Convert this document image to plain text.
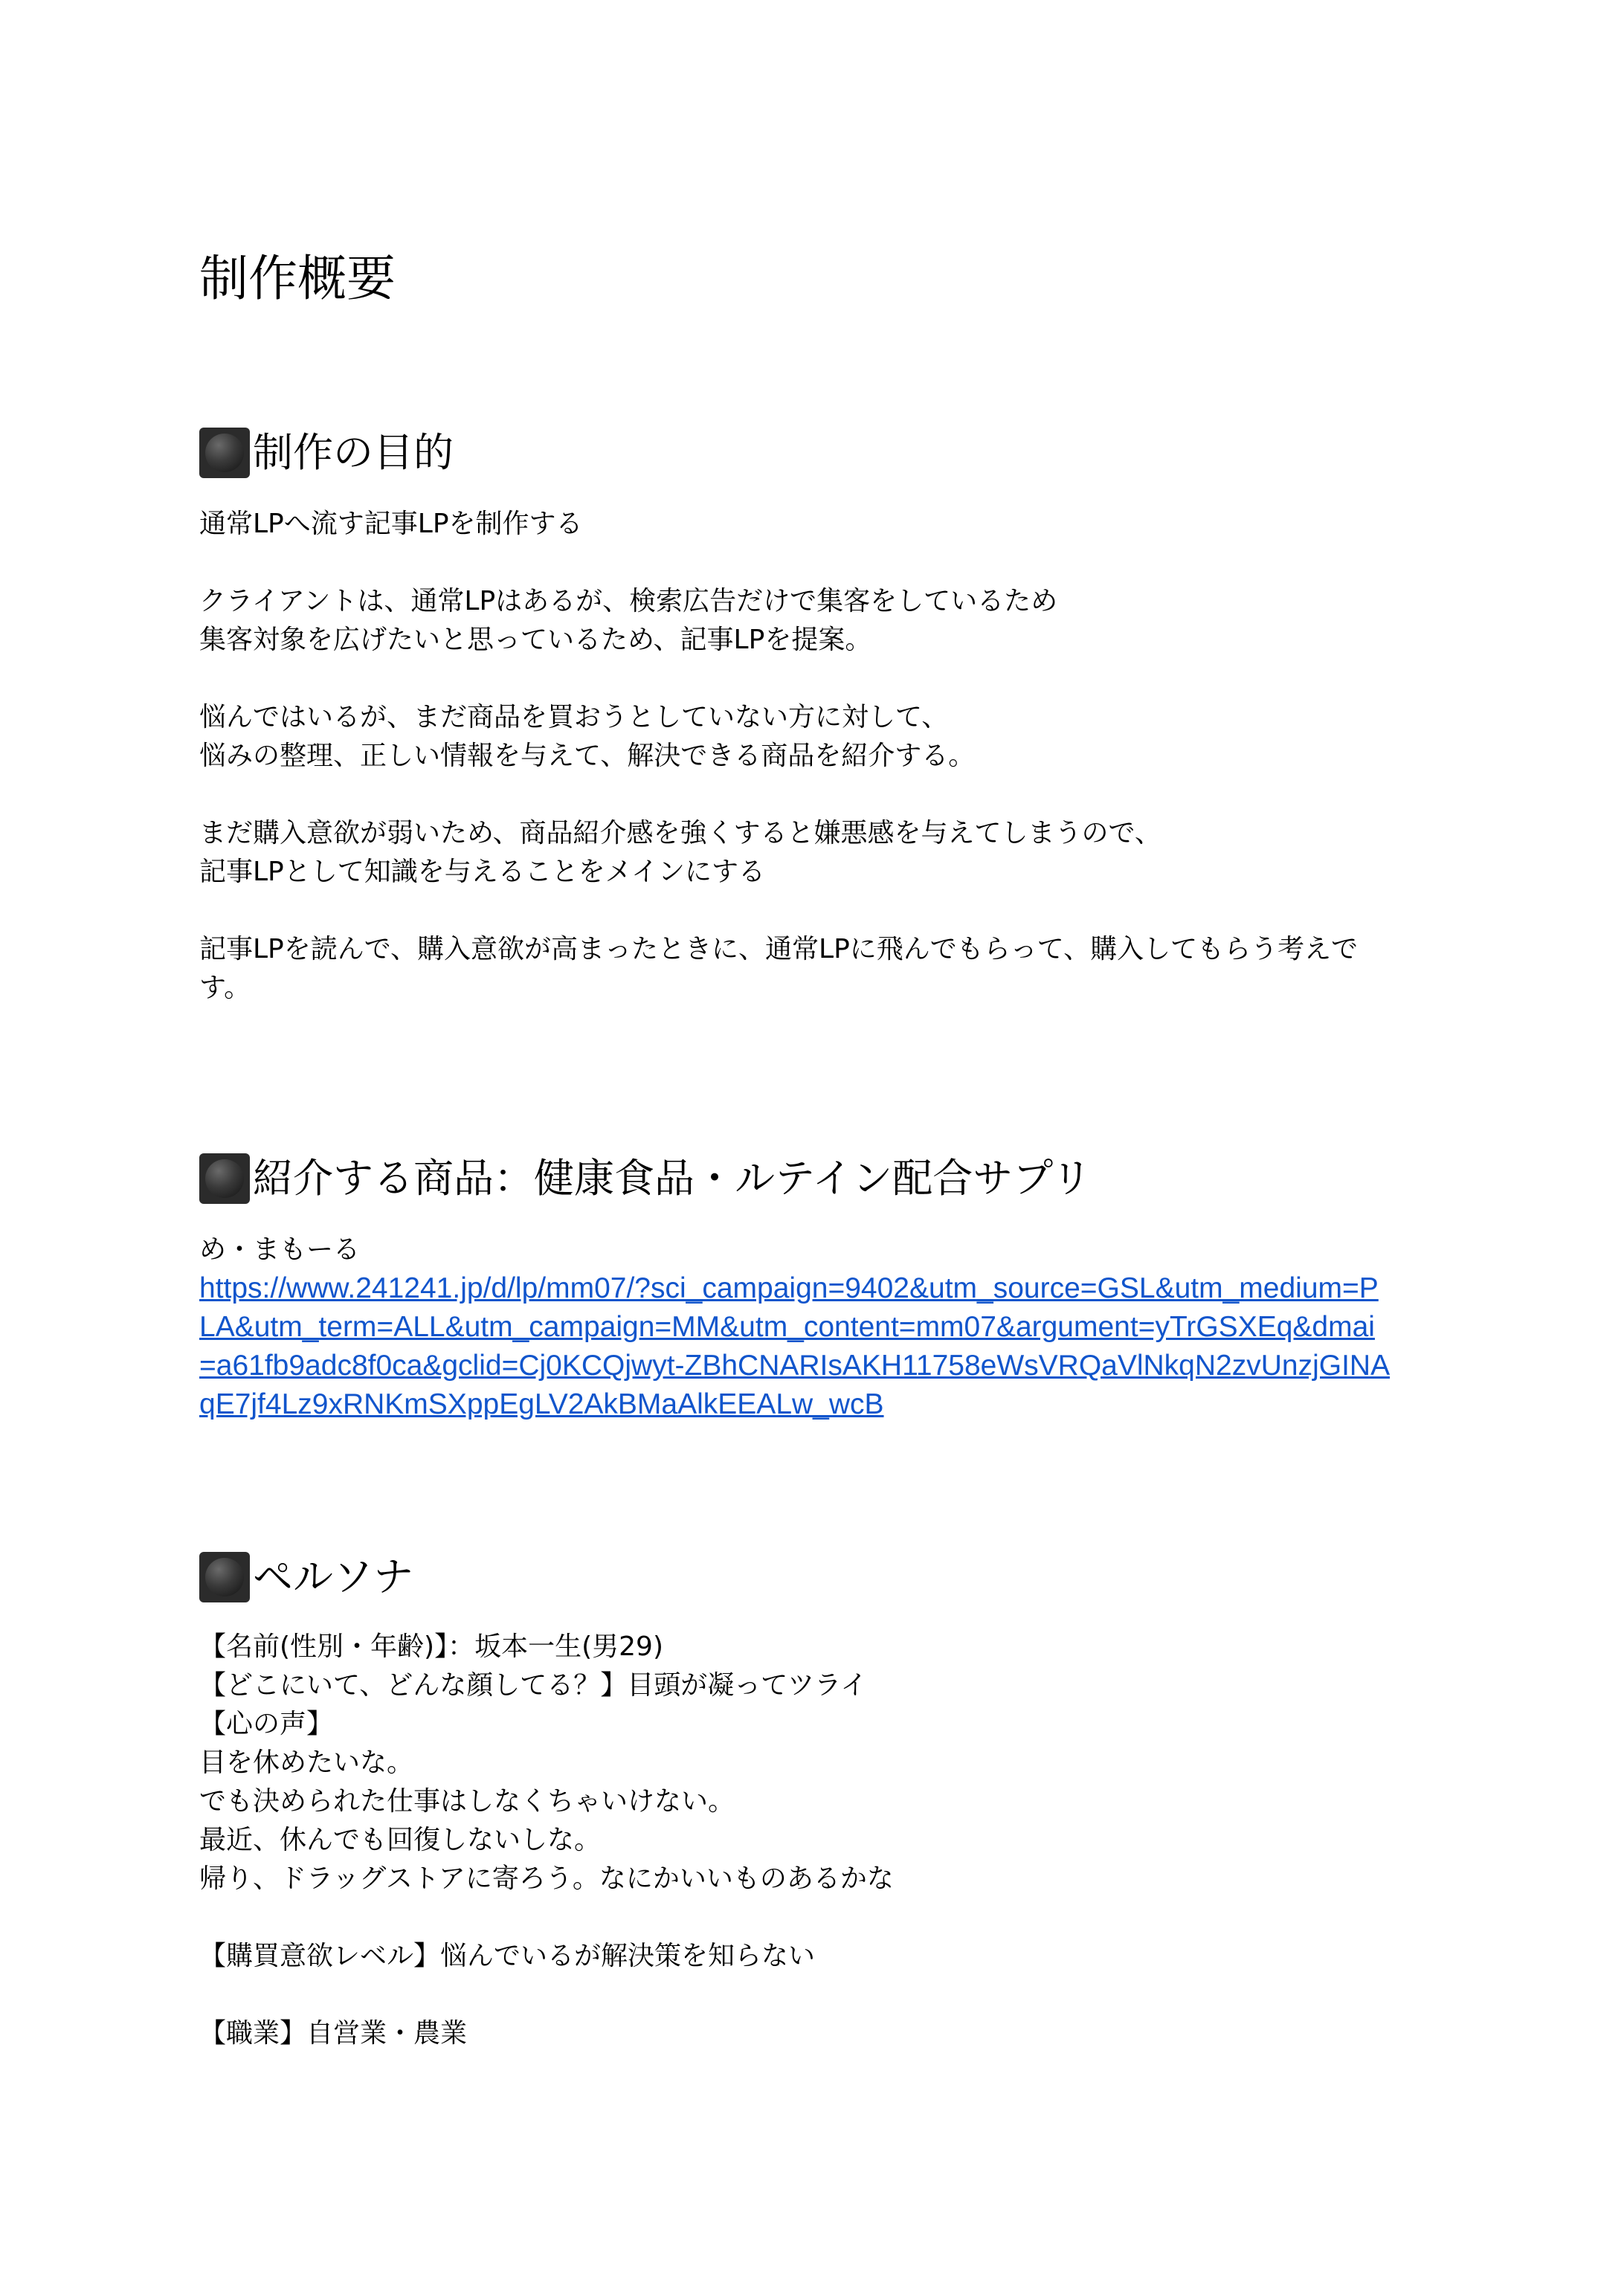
制作概要
制作の目的

通常LPへ流す記事LPを制作する

クライアントは、通常LPはあるが、検索広告だけで集客をしているため

集客対象を広げたいと思っているため、記事LPを提案。

悩んではいるが、まだ商品を買おうとしていない方に対して、

悩みの整理、正しい情報を与えて、解決できる商品を紹介する。

まだ購入意欲が弱いため、商品紹介感を強くすると嫌悪感を与えてしまうので、

記事LPとして知識を与えることをメインにする

記事LPを読んで、購入意欲が高まったときに、通常LPに飛んでもらって、購入してもらう考えで

す。

紹介する商品：健康食品・ルテイン配合サプリ

め・まもーる

https://www.241241.jp/d/lp/mm07/?sci_campaign=9402&utm_source=GSL&utm_medium=P
LA&utm_term=ALL&utm_campaign=MM&utm_content=mm07&argument=yTrGSXEq&dmai
=a61fb9adc8f0ca&gclid=Cj0KCQjwyt-ZBhCNARIsAKH11758eWsVRQaVlNkqN2zvUnzjGINA
qE7jf4Lz9xRNKmSXppEgLV2AkBMaAlkEEALw_wcB
ペルソナ

【名前(性別・年齢)】：坂本一生(男29)

【どこにいて、どんな顔してる？】目頭が凝ってツライ

【心の声】

目を休めたいな。

でも決められた仕事はしなくちゃいけない。

最近、休んでも回復しないしな。

帰り、ドラッグストアに寄ろう。なにかいいものあるかな

【購買意欲レベル】悩んでいるが解決策を知らない

【職業】自営業・農業
